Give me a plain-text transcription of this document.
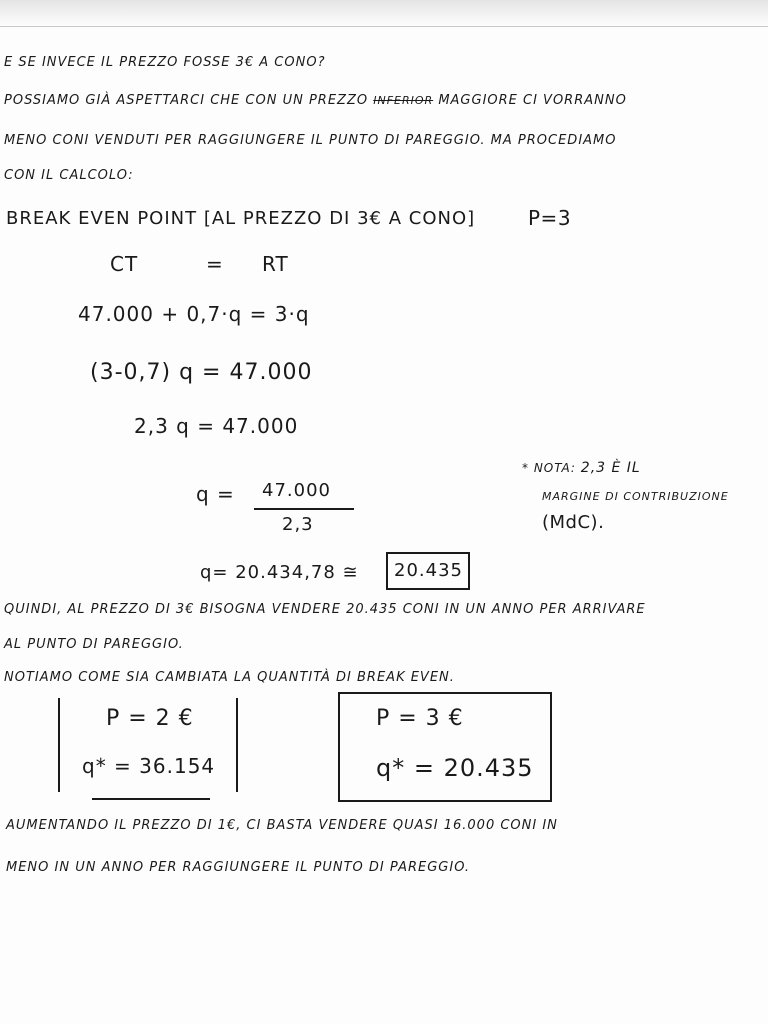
E SE INVECE IL PREZZO FOSSE 3€ A CONO?
POSSIAMO GIÀ ASPETTARCI CHE CON UN PREZZO INFERIOR MAGGIORE CI VORRANNO
MENO CONI VENDUTI PER RAGGIUNGERE IL PUNTO DI PAREGGIO. MA PROCEDIAMO
CON IL CALCOLO:
BREAK EVEN POINT [AL PREZZO DI 3€ A CONO]	P=3
CT	= RT
47.000 + 0,7·q = 3·q
(3-0,7) q = 47.000
2,3 q = 47.000
q = 47.000
2,3
* NOTA: 2,3 È IL
MARGINE DI CONTRIBUZIONE
(MdC).
q= 20.434,78 ≅ 20.435
QUINDI, AL PREZZO DI 3€ BISOGNA VENDERE 20.435 CONI IN UN ANNO PER ARRIVARE
AL PUNTO DI PAREGGIO.
NOTIAMO COME SIA CAMBIATA LA QUANTITÀ DI BREAK EVEN.
P = 2 €
q* = 36.154
P = 3 €
q* = 20.435
AUMENTANDO IL PREZZO DI 1€, CI BASTA VENDERE QUASI 16.000 CONI IN
MENO IN UN ANNO PER RAGGIUNGERE IL PUNTO DI PAREGGIO.
